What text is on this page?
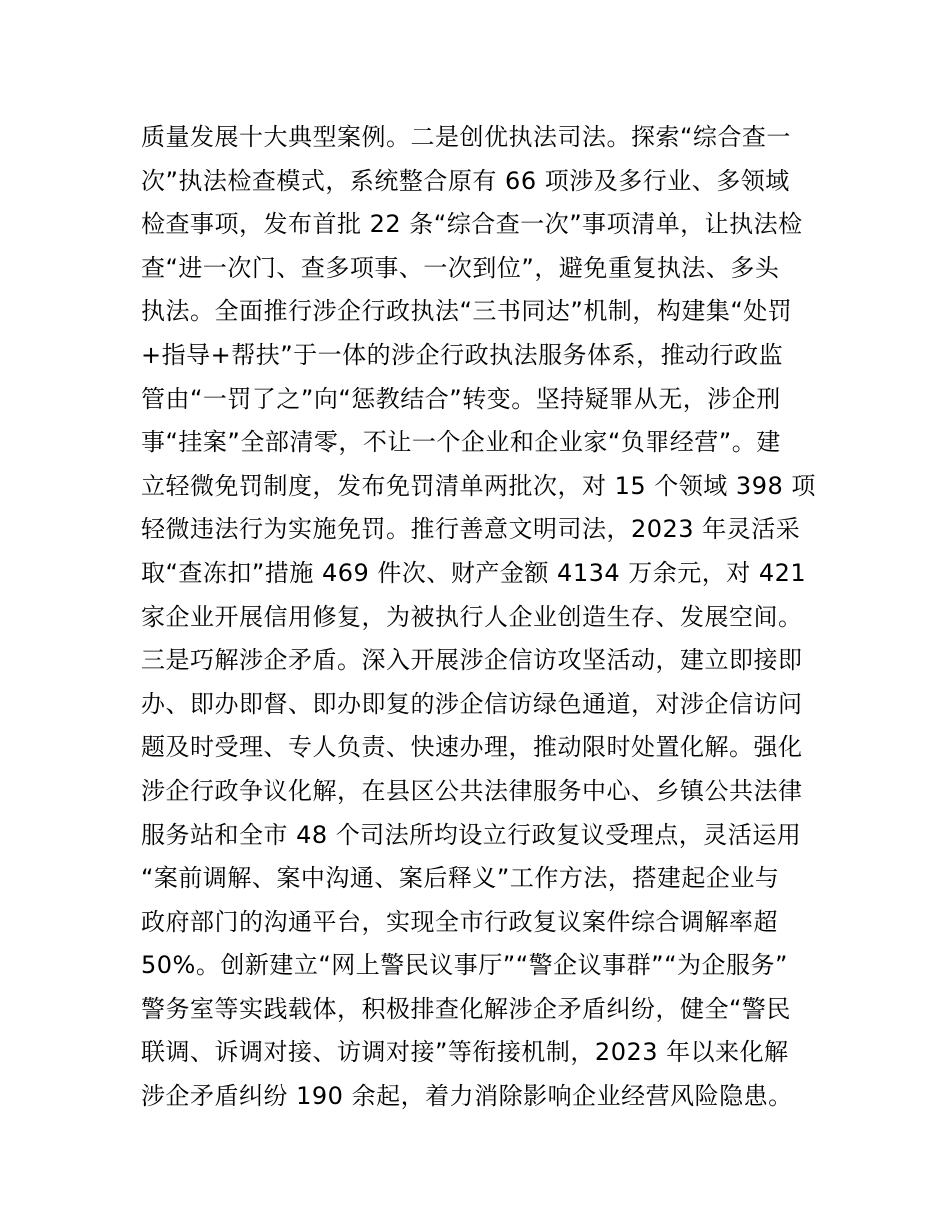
质量发展十大典型案例。二是创优执法司法。探索“综合查一
次”执法检查模式，系统整合原有 66 项涉及多行业、多领域
检查事项，发布首批 22 条“综合查一次”事项清单，让执法检
查“进一次门、查多项事、一次到位”，避免重复执法、多头
执法。全面推行涉企行政执法“三书同达”机制，构建集“处罚
+指导+帮扶”于一体的涉企行政执法服务体系，推动行政监
管由“一罚了之”向“惩教结合”转变。坚持疑罪从无，涉企刑
事“挂案”全部清零，不让一个企业和企业家“负罪经营”。建
立轻微免罚制度，发布免罚清单两批次，对 15 个领域 398 项
轻微违法行为实施免罚。推行善意文明司法，2023 年灵活采
取“查冻扣”措施 469 件次、财产金额 4134 万余元，对 421
家企业开展信用修复，为被执行人企业创造生存、发展空间。
三是巧解涉企矛盾。深入开展涉企信访攻坚活动，建立即接即
办、即办即督、即办即复的涉企信访绿色通道，对涉企信访问
题及时受理、专人负责、快速办理，推动限时处置化解。强化
涉企行政争议化解，在县区公共法律服务中心、乡镇公共法律
服务站和全市 48 个司法所均设立行政复议受理点，灵活运用
“案前调解、案中沟通、案后释义”工作方法，搭建起企业与
政府部门的沟通平台，实现全市行政复议案件综合调解率超
50%。创新建立“网上警民议事厅”“警企议事群”“为企服务”
警务室等实践载体，积极排查化解涉企矛盾纠纷，健全“警民
联调、诉调对接、访调对接”等衔接机制，2023 年以来化解
涉企矛盾纠纷 190 余起，着力消除影响企业经营风险隐患。
